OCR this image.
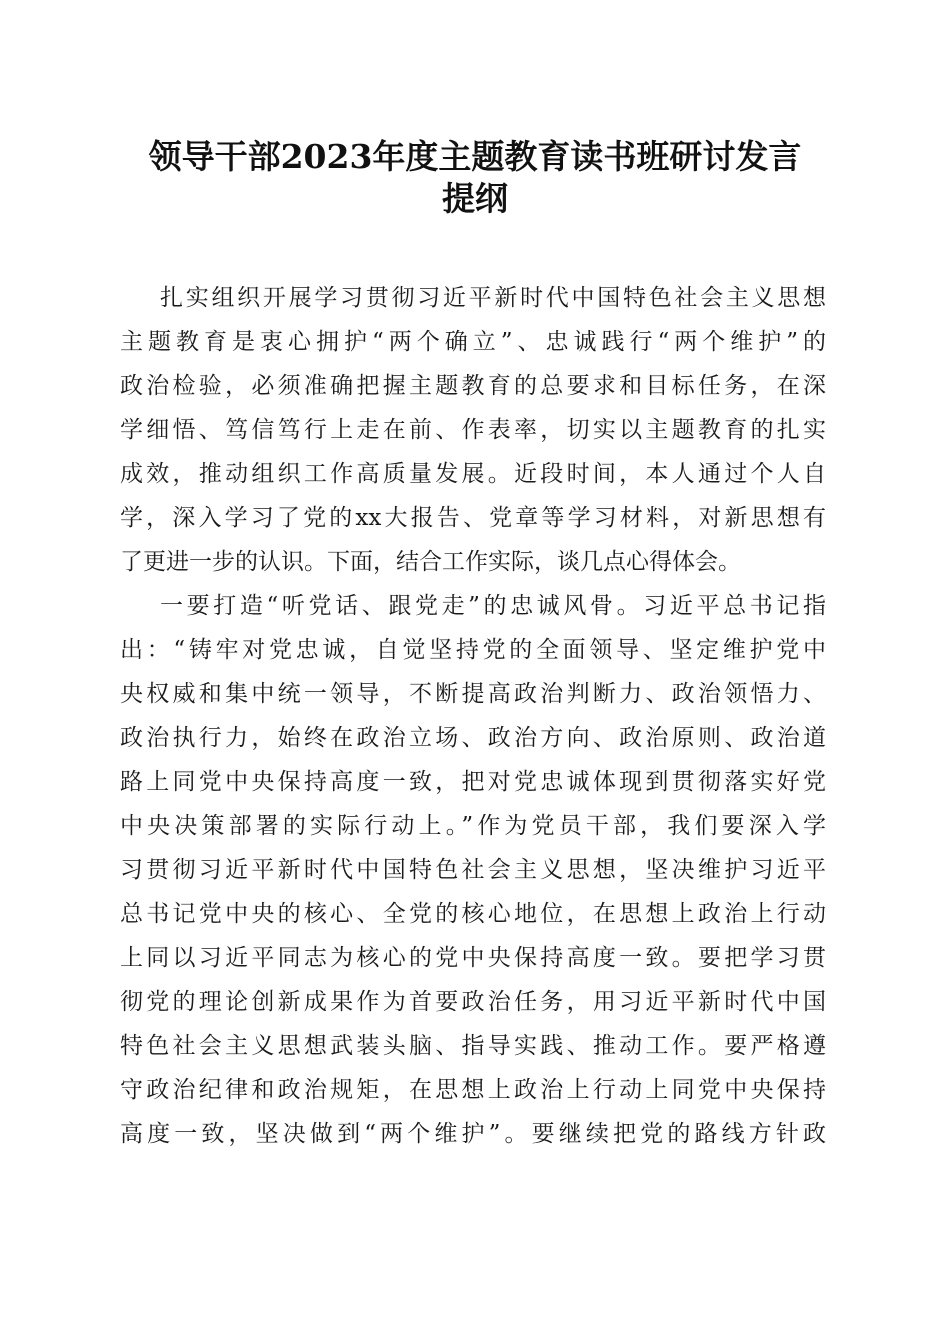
领导干部2023年度主题教育读书班研讨发言
提纲
扎实组织开展学习贯彻习近平新时代中国特色社会主义思想
主题教育是衷心拥护“两个确立”、忠诚践行“两个维护”的
政治检验，必须准确把握主题教育的总要求和目标任务，在深
学细悟、笃信笃行上走在前、作表率，切实以主题教育的扎实
成效，推动组织工作高质量发展。近段时间，本人通过个人自
学，深入学习了党的xx大报告、党章等学习材料，对新思想有
了更进一步的认识。下面，结合工作实际，谈几点心得体会。
一要打造“听党话、跟党走”的忠诚风骨。习近平总书记指
出：“铸牢对党忠诚，自觉坚持党的全面领导、坚定维护党中
央权威和集中统一领导，不断提高政治判断力、政治领悟力、
政治执行力，始终在政治立场、政治方向、政治原则、政治道
路上同党中央保持高度一致，把对党忠诚体现到贯彻落实好党
中央决策部署的实际行动上。”作为党员干部，我们要深入学
习贯彻习近平新时代中国特色社会主义思想，坚决维护习近平
总书记党中央的核心、全党的核心地位，在思想上政治上行动
上同以习近平同志为核心的党中央保持高度一致。要把学习贯
彻党的理论创新成果作为首要政治任务，用习近平新时代中国
特色社会主义思想武装头脑、指导实践、推动工作。要严格遵
守政治纪律和政治规矩，在思想上政治上行动上同党中央保持
高度一致，坚决做到“两个维护”。要继续把党的路线方针政
